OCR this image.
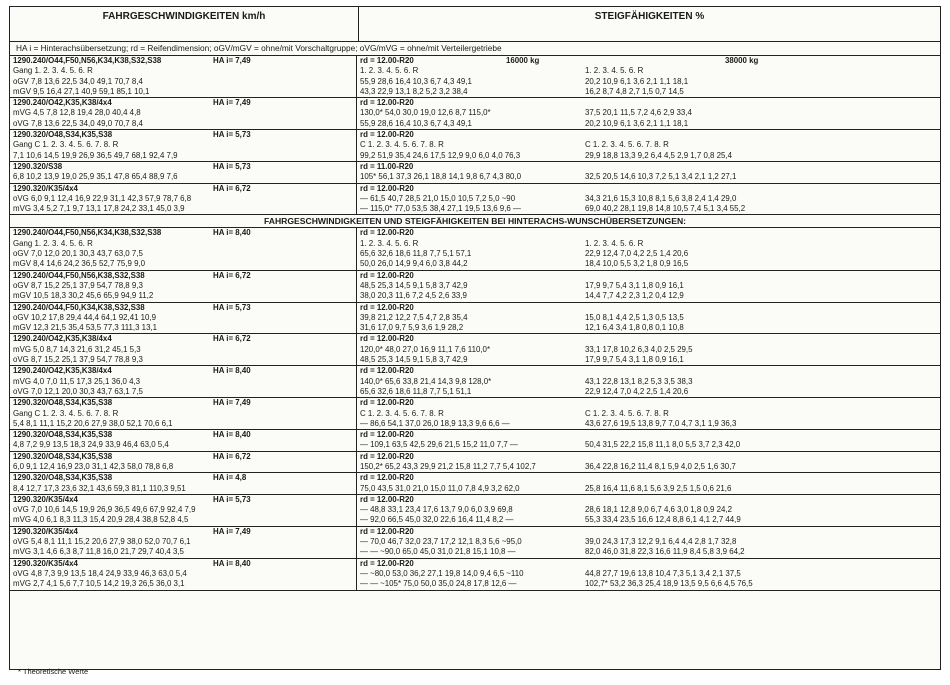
FAHRGESCHWINDIGKEITEN km/h	STEIGFÄHIGKEITEN %
HA i = Hinterachsübersetzung; rd = Reifendimension; oGV/mGV = ohne/mit Vorschaltgruppe; oVG/mVG = ohne/mit Verteilergetriebe
1290.240/O44,F50,N56,K34,K38,S32,S38	HA i= 7,49	rd = 12.00-R20	16000 kg	38000 kg
Gang 1. 2. 3. 4. 5. 6. R	1. 2. 3. 4. 5. 6. R	1. 2. 3. 4. 5. 6. R
oGV 7,8 13,6 22,5 34,0 49,1 70,7 8,4	55,9 28,6 16,4 10,3 6,7 4,3 49,1	20,2 10,9 6,1 3,6 2,1 1,1 18,1
mGV 9,5 16,4 27,1 40,9 59,1 85,1 10,1	43,3 22,9 13,1 8,2 5,2 3,2 38,4	16,2 8,7 4,8 2,7 1,5 0,7 14,5
1290.240/O42,K35,K38/4x4	HA i= 7,49	rd = 12.00-R20
mVG 4,5 7,8 12,8 19,4 28,0 40,4 4,8	130,0* 54,0 30,0 19,0 12,6 8,7 115,0*	37,5 20,1 11,5 7,2 4,6 2,9 33,4
oVG 7,8 13,6 22,5 34,0 49,0 70,7 8,4	55,9 28,6 16,4 10,3 6,7 4,3 49,1	20,2 10,9 6,1 3,6 2,1 1,1 18,1
1290.320/O48,S34,K35,S38	HA i= 5,73	rd = 12.00-R20
Gang C 1. 2. 3. 4. 5. 6. 7. 8. R	C 1. 2. 3. 4. 5. 6. 7. 8. R	C 1. 2. 3. 4. 5. 6. 7. 8. R
7,1 10,6 14,5 19,9 26,9 36,5 49,7 68,1 92,4 7,9	99,2 51,9 35,4 24,6 17,5 12,9 9,0 6,0 4,0 76,3	29,9 18,8 13,3 9,2 6,4 4,5 2,9 1,7 0,8 25,4
1290.320/S38	HA i= 5,73	rd = 11.00-R20
6,8 10,2 13,9 19,0 25,9 35,1 47,8 65,4 88,9 7,6	105* 56,1 37,3 26,1 18,8 14,1 9,8 6,7 4,3 80,0	32,5 20,5 14,6 10,3 7,2 5,1 3,4 2,1 1,2 27,1
1290.320/K35/4x4	HA i= 6,72	rd = 12.00-R20
oVG 6,0 9,1 12,4 16,9 22,9 31,1 42,3 57,9 78,7 6,8	— 61,5 40,7 28,5 21,0 15,0 10,5 7,2 5,0 ~90	34,3 21,6 15,3 10,8 8,1 5,6 3,8 2,4 1,4 29,0
mVG 3,4 5,2 7,1 9,7 13,1 17,8 24,2 33,1 45,0 3,9	— 115,0* 77,0 53,5 38,4 27,1 19,5 13,6 9,6 —	69,0 40,2 28,1 19,8 14,8 10,5 7,4 5,1 3,4 55,2
FAHRGESCHWINDIGKEITEN UND STEIGFÄHIGKEITEN BEI HINTERACHS-WUNSCHÜBERSETZUNGEN:
1290.240/O44,F50,N56,K34,K38,S32,S38	HA i= 8,40	rd = 12.00-R20
Gang 1. 2. 3. 4. 5. 6. R	1. 2. 3. 4. 5. 6. R	1. 2. 3. 4. 5. 6. R
oGV 7,0 12,0 20,1 30,3 43,7 63,0 7,5	65,6 32,6 18,6 11,8 7,7 5,1 57,1	22,9 12,4 7,0 4,2 2,5 1,4 20,6
mGV 8,4 14,6 24,2 36,5 52,7 75,9 9,0	50,0 26,0 14,9 9,4 6,0 3,8 44,2	18,4 10,0 5,5 3,2 1,8 0,9 16,5
1290.240/O44,F50,N56,K38,S32,S38	HA i= 6,72	rd = 12.00-R20
oGV 8,7 15,2 25,1 37,9 54,7 78,8 9,3	48,5 25,3 14,5 9,1 5,8 3,7 42,9	17,9 9,7 5,4 3,1 1,8 0,9 16,1
mGV 10,5 18,3 30,2 45,6 65,9 94,9 11,2	38,0 20,3 11,6 7,2 4,5 2,6 33,9	14,4 7,7 4,2 2,3 1,2 0,4 12,9
1290.240/O44,F50,K34,K38,S32,S38	HA i= 5,73	rd = 12.00-R20
oGV 10,2 17,8 29,4 44,4 64,1 92,41 10,9	39,8 21,2 12,2 7,5 4,7 2,8 35,4	15,0 8,1 4,4 2,5 1,3 0,5 13,5
mGV 12,3 21,5 35,4 53,5 77,3 111,3 13,1	31,6 17,0 9,7 5,9 3,6 1,9 28,2	12,1 6,4 3,4 1,8 0,8 0,1 10,8
1290.240/O42,K35,K38/4x4	HA i= 6,72	rd = 12.00-R20
mVG 5,0 8,7 14,3 21,6 31,2 45,1 5,3	120,0* 48,0 27,0 16,9 11,1 7,6 110,0*	33,1 17,8 10,2 6,3 4,0 2,5 29,5
oVG 8,7 15,2 25,1 37,9 54,7 78,8 9,3	48,5 25,3 14,5 9,1 5,8 3,7 42,9	17,9 9,7 5,4 3,1 1,8 0,9 16,1
1290.240/O42,K35,K38/4x4	HA i= 8,40	rd = 12.00-R20
mVG 4,0 7,0 11,5 17,3 25,1 36,0 4,3	140,0* 65,6 33,8 21,4 14,3 9,8 128,0*	43,1 22,8 13,1 8,2 5,3 3,5 38,3
oVG 7,0 12,1 20,0 30,3 43,7 63,1 7,5	65,6 32,6 18,6 11,8 7,7 5,1 51,1	22,9 12,4 7,0 4,2 2,5 1,4 20,6
1290.320/O48,S34,K35,S38	HA i= 7,49	rd = 12.00-R20
Gang C 1. 2. 3. 4. 5. 6. 7. 8. R	C 1. 2. 3. 4. 5. 6. 7. 8. R	C 1. 2. 3. 4. 5. 6. 7. 8. R
5,4 8,1 11,1 15,2 20,6 27,9 38,0 52,1 70,6 6,1	— 86,6 54,1 37,0 26,0 18,9 13,3 9,6 6,6 —	43,6 27,6 19,5 13,8 9,7 7,0 4,7 3,1 1,9 36,3
1290.320/O48,S34,K35,S38	HA i= 8,40	rd = 12.00-R20
4,8 7,2 9,9 13,5 18,3 24,9 33,9 46,4 63,0 5,4	— 109,1 63,5 42,5 29,6 21,5 15,2 11,0 7,7 —	50,4 31,5 22,2 15,8 11,1 8,0 5,5 3,7 2,3 42,0
1290.320/O48,S34,K35,S38	HA i= 6,72	rd = 12.00-R20
6,0 9,1 12,4 16,9 23,0 31,1 42,3 58,0 78,8 6,8	150,2* 65,2 43,3 29,9 21,2 15,8 11,2 7,7 5,4 102,7	36,4 22,8 16,2 11,4 8,1 5,9 4,0 2,5 1,6 30,7
1290.320/O48,S34,K35,S38	HA i= 4,8	rd = 12.00-R20
8,4 12,7 17,3 23,6 32,1 43,6 59,3 81,1 110,3 9,51	75,0 43,5 31,0 21,0 15,0 11,0 7,8 4,9 3,2 62,0	25,8 16,4 11,6 8,1 5,6 3,9 2,5 1,5 0,6 21,6
1290.320/K35/4x4	HA i= 5,73	rd = 12.00-R20
oVG 7,0 10,6 14,5 19,9 26,9 36,5 49,6 67,9 92,4 7,9	— 48,8 33,1 23,4 17,6 13,7 9,0 6,0 3,9 69,8	28,6 18,1 12,8 9,0 6,7 4,6 3,0 1,8 0,9 24,2
mVG 4,0 6,1 8,3 11,3 15,4 20,9 28,4 38,8 52,8 4,5	— 92,0 66,5 45,0 32,0 22,6 16,4 11,4 8,2 —	55,3 33,4 23,5 16,6 12,4 8,8 6,1 4,1 2,7 44,9
1290.320/K35/4x4	HA i= 7,49	rd = 12.00-R20
oVG 5,4 8,1 11,1 15,2 20,6 27,9 38,0 52,0 70,7 6,1	— 70,0 46,7 32,0 23,7 17,2 12,1 8,3 5,6 ~95,0	39,0 24,3 17,3 12,2 9,1 6,4 4,4 2,8 1,7 32,8
mVG 3,1 4,6 6,3 8,7 11,8 16,0 21,7 29,7 40,4 3,5	— — ~90,0 65,0 45,0 31,0 21,8 15,1 10,8 —	82,0 46,0 31,8 22,3 16,6 11,9 8,4 5,8 3,9 64,2
1290.320/K35/4x4	HA i= 8,40	rd = 12.00-R20
oVG 4,8 7,3 9,9 13,5 18,4 24,9 33,9 46,3 63,0 5,4	— ~80,0 53,0 36,2 27,1 19,8 14,0 9,4 6,5 ~110	44,8 27,7 19,6 13,8 10,4 7,3 5,1 3,4 2,1 37,5
mVG 2,7 4,1 5,6 7,7 10,5 14,2 19,3 26,5 36,0 3,1	— — ~105* 75,0 50,0 35,0 24,8 17,8 12,6 —	102,7* 53,2 36,3 25,4 18,9 13,5 9,5 6,6 4,5 76,5
* Theoretische Werte
